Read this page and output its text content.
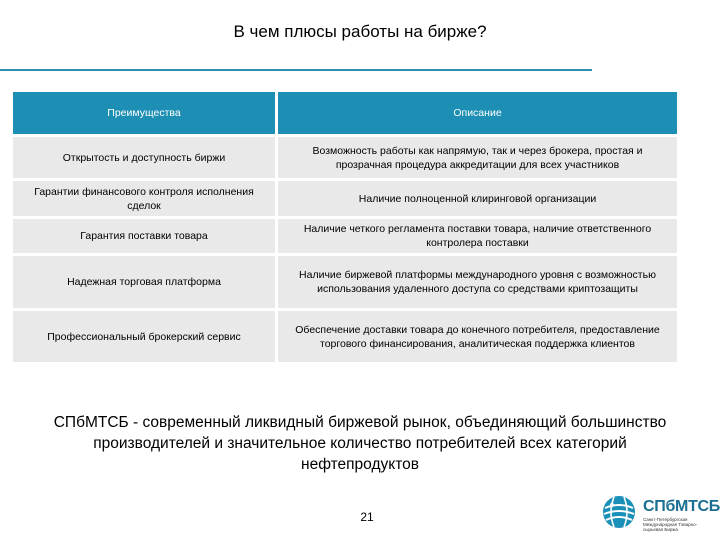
В чем плюсы работы на бирже?
Преимущества	Описание
Открытость и доступность биржи	Возможность работы как напрямую, так и через брокера, простая и прозрачная процедура аккредитации для всех участников
Гарантии финансового контроля исполнения сделок	Наличие полноценной клиринговой организации
Гарантия поставки товара	Наличие четкого регламента поставки товара, наличие ответственного контролера поставки
Надежная торговая платформа	Наличие биржевой платформы международного уровня с возможностью использования удаленного доступа со средствами криптозащиты
Профессиональный брокерский сервис	Обеспечение доставки товара до конечного потребителя, предоставление торгового финансирования, аналитическая поддержка клиентов
СПбМТСБ - современный ликвидный биржевой рынок, объединяющий большинство производителей и значительное количество потребителей всех категорий нефтепродуктов
21
СПбМТСБ
Санкт-Петербургская Международная Товарно-сырьевая Биржа
